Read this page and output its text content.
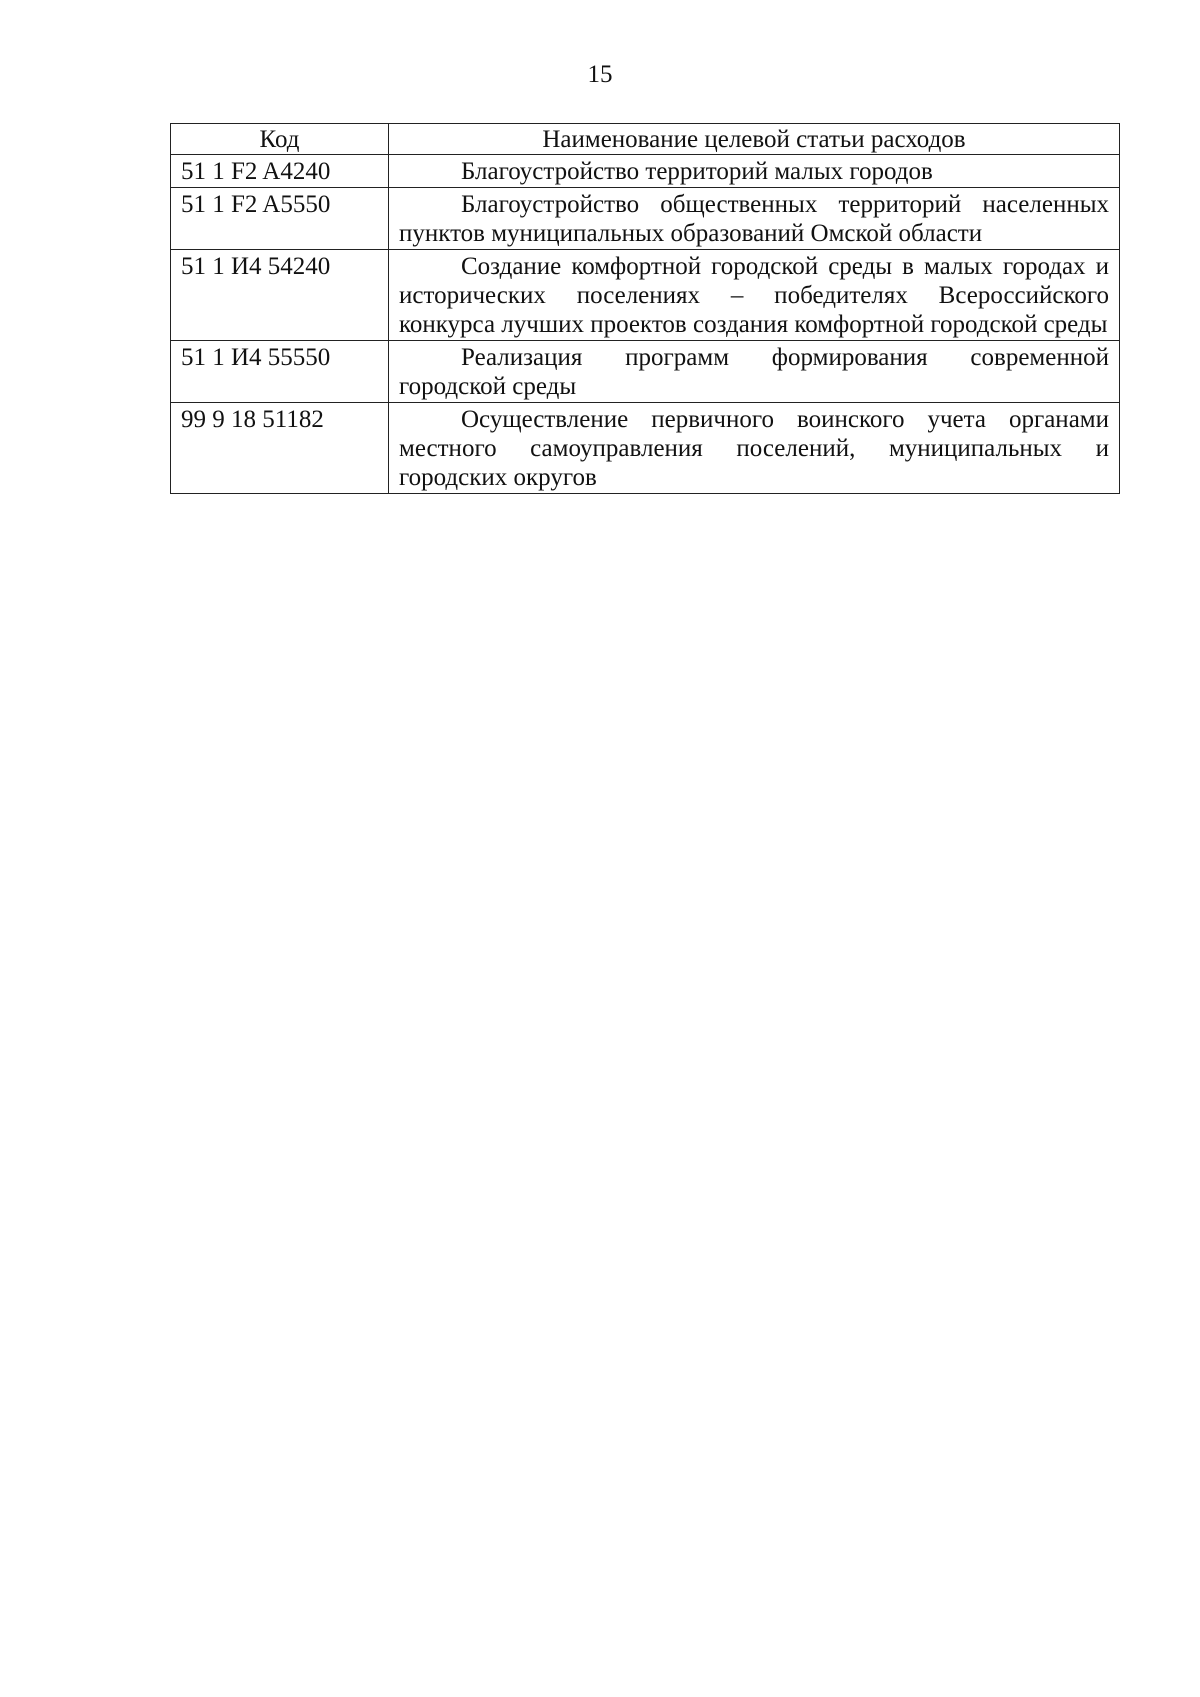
15
Код	Наименование целевой статьи расходов
51 1 F2 A4240	Благоустройство территорий малых городов
51 1 F2 A5550	Благоустройство общественных территорий населенных пунктов муниципальных образований Омской области
51 1 И4 54240	Создание комфортной городской среды в малых городах и исторических поселениях – победителях Всероссийского конкурса лучших проектов создания комфортной городской среды
51 1 И4 55550	Реализация программ формирования современной городской среды
99 9 18 51182	Осуществление первичного воинского учета органами местного самоуправления поселений, муниципальных и городских округов
